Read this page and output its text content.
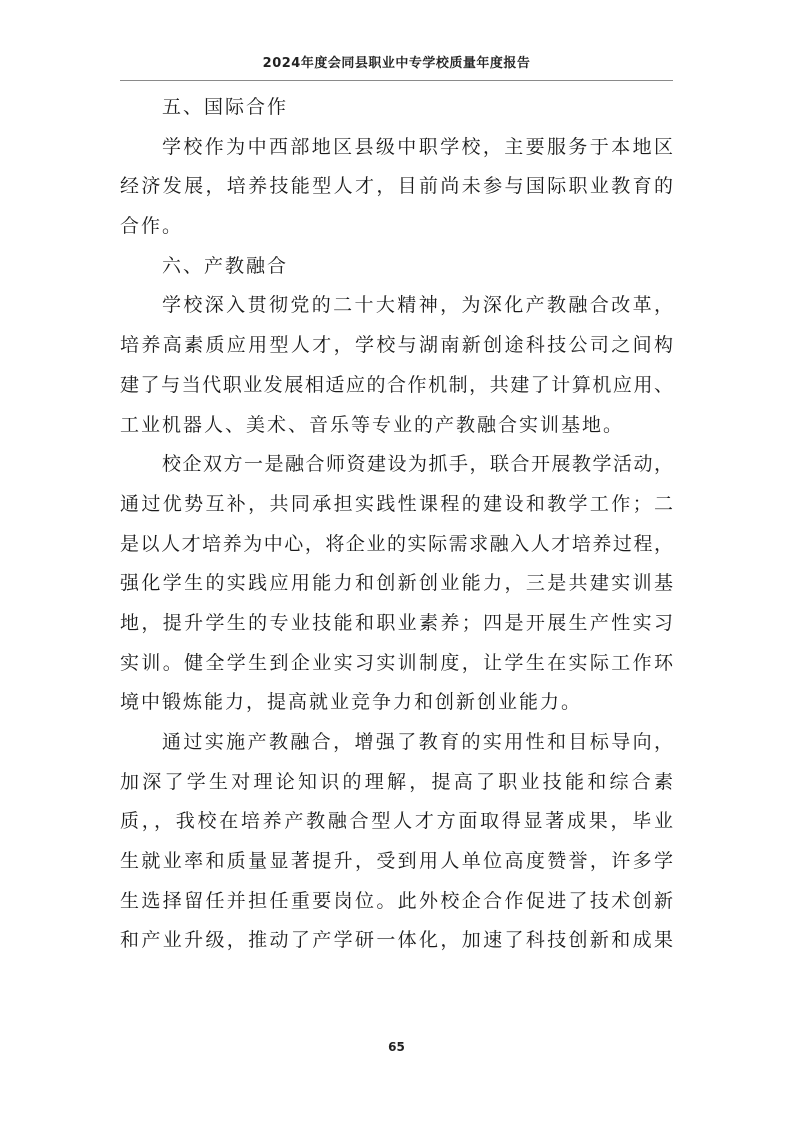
2024年度会同县职业中专学校质量年度报告

五、国际合作

学校作为中西部地区县级中职学校，主要服务于本地区
经济发展，培养技能型人才，目前尚未参与国际职业教育的
合作。

六、产教融合

学校深入贯彻党的二十大精神，为深化产教融合改革，
培养高素质应用型人才，学校与湖南新创途科技公司之间构
建了与当代职业发展相适应的合作机制，共建了计算机应用、
工业机器人、美术、音乐等专业的产教融合实训基地。

校企双方一是融合师资建设为抓手，联合开展教学活动，
通过优势互补，共同承担实践性课程的建设和教学工作；二
是以人才培养为中心，将企业的实际需求融入人才培养过程，
强化学生的实践应用能力和创新创业能力，三是共建实训基
地，提升学生的专业技能和职业素养；四是开展生产性实习
实训。健全学生到企业实习实训制度，让学生在实际工作环
境中锻炼能力，提高就业竞争力和创新创业能力。

通过实施产教融合，增强了教育的实用性和目标导向，
加深了学生对理论知识的理解，提高了职业技能和综合素
质，，我校在培养产教融合型人才方面取得显著成果，毕业
生就业率和质量显著提升，受到用人单位高度赞誉，许多学
生选择留任并担任重要岗位。此外校企合作促进了技术创新
和产业升级，推动了产学研一体化，加速了科技创新和成果

65
